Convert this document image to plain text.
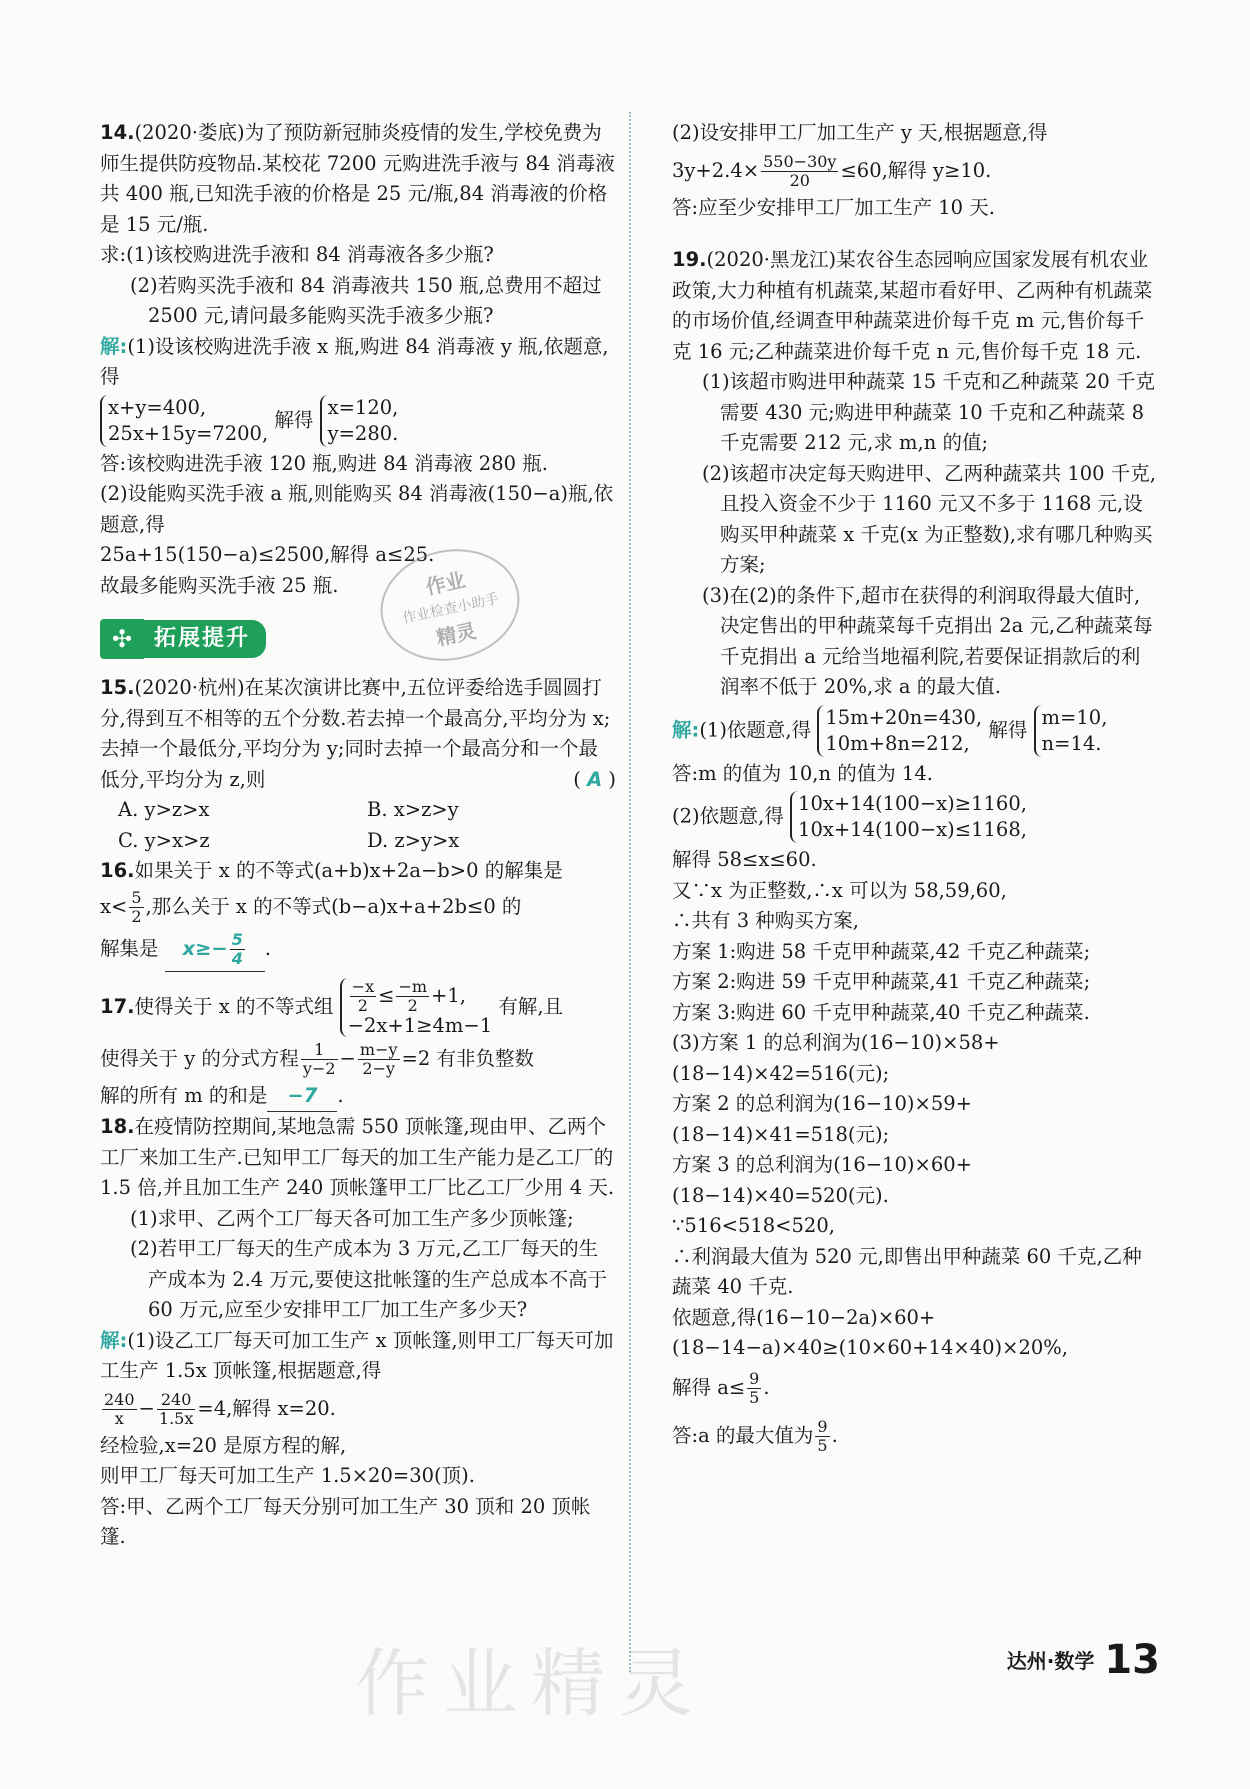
14.(2020·娄底)为了预防新冠肺炎疫情的发生,学校免费为师生提供防疫物品.某校花 7200 元购进洗手液与 84 消毒液共 400 瓶,已知洗手液的价格是 25 元/瓶,84 消毒液的价格是 15 元/瓶.

求:(1)该校购进洗手液和 84 消毒液各多少瓶?

(2)若购买洗手液和 84 消毒液共 150 瓶,总费用不超过 2500 元,请问最多能购买洗手液多少瓶?

解:(1)设该校购进洗手液 x 瓶,购进 84 消毒液 y 瓶,依题意,得

x+y=400,
25x+15y=7200, 解得 x=120,
y=280.

答:该校购进洗手液 120 瓶,购进 84 消毒液 280 瓶.

(2)设能购买洗手液 a 瓶,则能购买 84 消毒液(150−a)瓶,依题意,得

25a+15(150−a)≤2500,解得 a≤25.

故最多能购买洗手液 25 瓶.

✣ 拓展提升

15.(2020·杭州)在某次演讲比赛中,五位评委给选手圆圆打分,得到互不相等的五个分数.若去掉一个最高分,平均分为 x;去掉一个最低分,平均分为 y;同时去掉一个最高分和一个最低分,平均分为 z,则	( A )

A. y>z>x	B. x>z>y
C. y>x>z	D. z>y>x

16.如果关于 x 的不等式(a+b)x+2a−b>0 的解集是

$x< \frac{5}{2}$ ,那么关于 x 的不等式(b−a)x+a+2b≤0 的

解集是 $x\ge- \frac{5}{4}$ .

17.使得关于 x 的不等式组 $\frac{-x}{2} \le \frac{-m}{2} +1$,
−2x+1≥4m−1 有解,且

使得关于 y 的分式方程 $\frac{1}{y-2} - \frac{m-y}{2-y} =2$ 有非负整数

解的所有 m 的和是 −7 .

18.在疫情防控期间,某地急需 550 顶帐篷,现由甲、乙两个工厂来加工生产.已知甲工厂每天的加工生产能力是乙工厂的 1.5 倍,并且加工生产 240 顶帐篷甲工厂比乙工厂少用 4 天.

(1)求甲、乙两个工厂每天各可加工生产多少顶帐篷;

(2)若甲工厂每天的生产成本为 3 万元,乙工厂每天的生产成本为 2.4 万元,要使这批帐篷的生产总成本不高于 60 万元,应至少安排甲工厂加工生产多少天?

解:(1)设乙工厂每天可加工生产 x 顶帐篷,则甲工厂每天可加工生产 1.5x 顶帐篷,根据题意,得

$\frac{240}{x} - \frac{240}{1.5x} =4$,解得 x=20.

经检验,x=20 是原方程的解,

则甲工厂每天可加工生产 1.5×20=30(顶).

答:甲、乙两个工厂每天分别可加工生产 30 顶和 20 顶帐篷.

(2)设安排甲工厂加工生产 y 天,根据题意,得

$3y+2.4\times \frac{550-30y}{20} \le 60$,解得 y≥10.

答:应至少安排甲工厂加工生产 10 天.

19.(2020·黑龙江)某农谷生态园响应国家发展有机农业政策,大力种植有机蔬菜,某超市看好甲、乙两种有机蔬菜的市场价值,经调查甲种蔬菜进价每千克 m 元,售价每千克 16 元;乙种蔬菜进价每千克 n 元,售价每千克 18 元.

(1)该超市购进甲种蔬菜 15 千克和乙种蔬菜 20 千克需要 430 元;购进甲种蔬菜 10 千克和乙种蔬菜 8 千克需要 212 元,求 m,n 的值;

(2)该超市决定每天购进甲、乙两种蔬菜共 100 千克,且投入资金不少于 1160 元又不多于 1168 元,设购买甲种蔬菜 x 千克(x 为正整数),求有哪几种购买方案;

(3)在(2)的条件下,超市在获得的利润取得最大值时,决定售出的甲种蔬菜每千克捐出 2a 元,乙种蔬菜每千克捐出 a 元给当地福利院,若要保证捐款后的利润率不低于 20%,求 a 的最大值.

解:(1)依题意,得 15m+20n=430,
10m+8n=212, 解得 m=10,
n=14.

答:m 的值为 10,n 的值为 14.

(2)依题意,得 10x+14(100−x)≥1160,
10x+14(100−x)≤1168,

解得 58≤x≤60.

又∵x 为正整数,∴x 可以为 58,59,60,

∴共有 3 种购买方案,

方案 1:购进 58 千克甲种蔬菜,42 千克乙种蔬菜;

方案 2:购进 59 千克甲种蔬菜,41 千克乙种蔬菜;

方案 3:购进 60 千克甲种蔬菜,40 千克乙种蔬菜.

(3)方案 1 的总利润为(16−10)×58+(18−14)×42=516(元);

方案 2 的总利润为(16−10)×59+(18−14)×41=518(元);

方案 3 的总利润为(16−10)×60+(18−14)×40=520(元).

∵516<518<520,

∴利润最大值为 520 元,即售出甲种蔬菜 60 千克,乙种蔬菜 40 千克.

依题意,得(16−10−2a)×60+(18−14−a)×40≥(10×60+14×40)×20%,

解得 $a\le \frac{9}{5}$ .

答:a 的最大值为 $\frac{9}{5}$ .

作业
作业检查小助手
精灵
作业精灵	达州·数学 13
